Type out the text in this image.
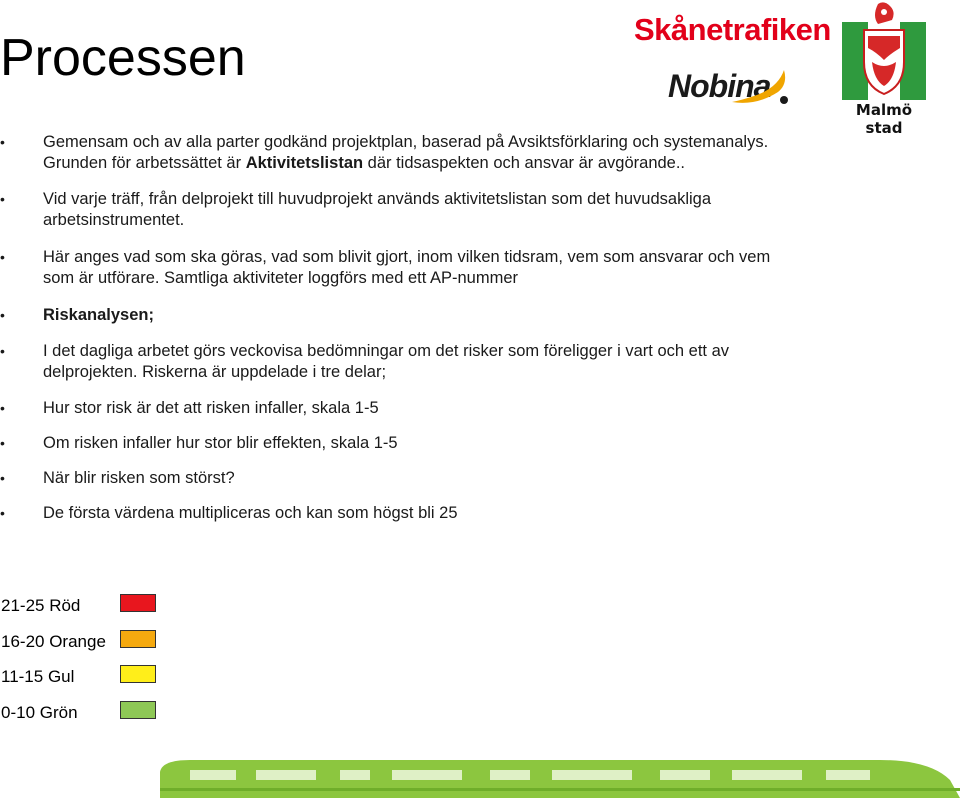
Processen	Skånetrafiken
Nobina
Malmö stad
• Gemensam och av alla parter godkänd projektplan, baserad på Avsiktsförklaring och systemanalys. Grunden för arbetssättet är Aktivitetslistan där tidsaspekten och ansvar är avgörande..
• Vid varje träff, från delprojekt till huvudprojekt används aktivitetslistan som det huvudsakliga arbetsinstrumentet.
• Här anges vad som ska göras, vad som blivit gjort, inom vilken tidsram, vem som ansvarar och vem som är utförare. Samtliga aktiviteter loggförs med ett AP-nummer
• Riskanalysen;
• I det dagliga arbetet görs veckovisa bedömningar om det risker som föreligger i vart och ett av delprojekten. Riskerna är uppdelade i tre delar;
• Hur stor risk är det att risken infaller, skala 1-5
• Om risken infaller hur stor blir effekten, skala 1-5
• När blir risken som störst?
• De första värdena multipliceras och kan som högst bli 25
21-25 Röd
16-20 Orange
11-15 Gul
0-10 Grön
